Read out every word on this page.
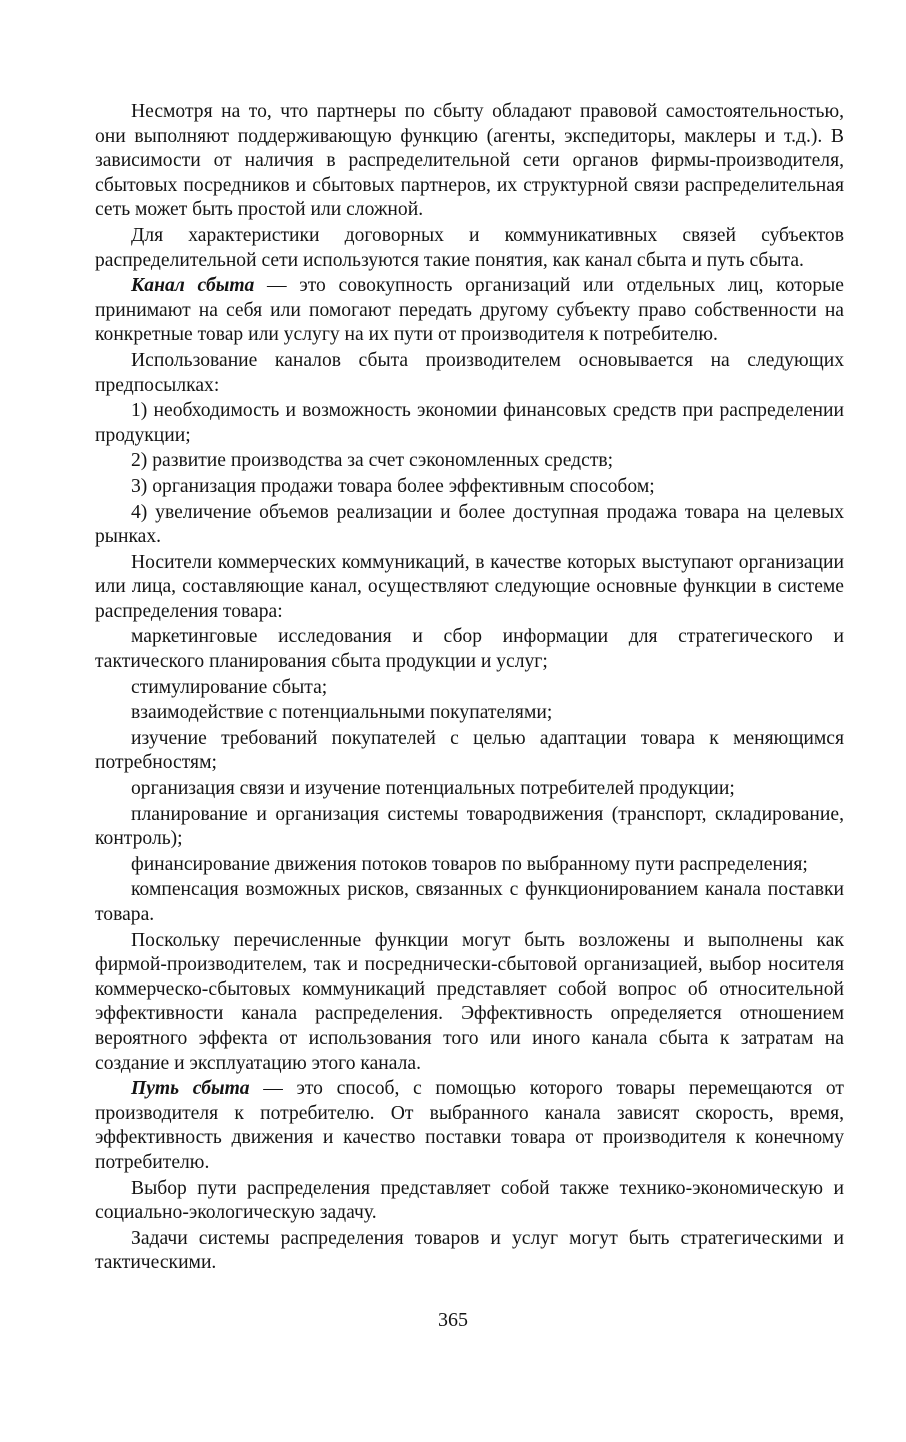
Несмотря на то, что партнеры по сбыту обладают правовой самостоятельностью, они выполняют поддерживающую функцию (агенты, экспедиторы, маклеры и т.д.). В зависимости от наличия в распределительной сети органов фирмы-производителя, сбытовых посредников и сбытовых партнеров, их структурной связи распределительная сеть может быть простой или сложной.

Для характеристики договорных и коммуникативных связей субъектов распределительной сети используются такие понятия, как канал сбыта и путь сбыта.

Канал сбыта — это совокупность организаций или отдельных лиц, которые принимают на себя или помогают передать другому субъекту право собственности на конкретные товар или услугу на их пути от производителя к потребителю.

Использование каналов сбыта производителем основывается на следующих предпосылках:

1) необходимость и возможность экономии финансовых средств при распределении продукции;

2) развитие производства за счет сэкономленных средств;

3) организация продажи товара более эффективным способом;

4) увеличение объемов реализации и более доступная продажа товара на целевых рынках.

Носители коммерческих коммуникаций, в качестве которых выступают организации или лица, составляющие канал, осуществляют следующие основные функции в системе распределения товара:

маркетинговые исследования и сбор информации для стратегического и тактического планирования сбыта продукции и услуг;

стимулирование сбыта;

взаимодействие с потенциальными покупателями;

изучение требований покупателей с целью адаптации товара к меняющимся потребностям;

организация связи и изучение потенциальных потребителей продукции;

планирование и организация системы товародвижения (транспорт, складирование, контроль);

финансирование движения потоков товаров по выбранному пути распределения;

компенсация возможных рисков, связанных с функционированием канала поставки товара.

Поскольку перечисленные функции могут быть возложены и выполнены как фирмой-производителем, так и посреднически-сбытовой организацией, выбор носителя коммерческо-сбытовых коммуникаций представляет собой вопрос об относительной эффективности канала распределения. Эффективность определяется отношением вероятного эффекта от использования того или иного канала сбыта к затратам на создание и эксплуатацию этого канала.

Путь сбыта — это способ, с помощью которого товары перемещаются от производителя к потребителю. От выбранного канала зависят скорость, время, эффективность движения и качество поставки товара от производителя к конечному потребителю.

Выбор пути распределения представляет собой также технико-экономическую и социально-экологическую задачу.

Задачи системы распределения товаров и услуг могут быть стратегическими и тактическими.

365
